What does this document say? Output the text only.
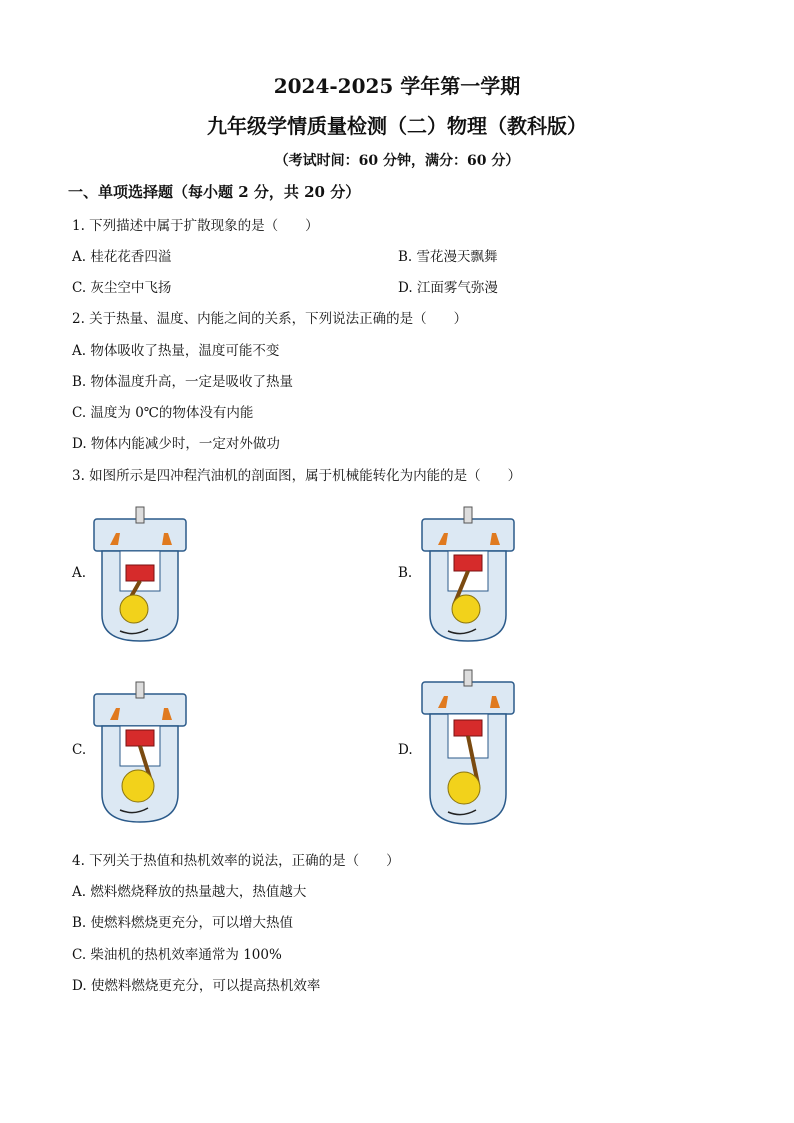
2024-2025 学年第一学期
九年级学情质量检测（二）物理（教科版）
（考试时间：60 分钟，满分：60 分）
一、单项选择题（每小题 2 分，共 20 分）
1. 下列描述中属于扩散现象的是（　　）
A. 桂花花香四溢	B. 雪花漫天飘舞
C. 灰尘空中飞扬	D. 江面雾气弥漫
2. 关于热量、温度、内能之间的关系，下列说法正确的是（　　）
A. 物体吸收了热量，温度可能不变
B. 物体温度升高，一定是吸收了热量
C. 温度为 0℃的物体没有内能
D. 物体内能减少时，一定对外做功
3. 如图所示是四冲程汽油机的剖面图，属于机械能转化为内能的是（　　）
A.	B.
C.	D.
4. 下列关于热值和热机效率的说法，正确的是（　　）
A. 燃料燃烧释放的热量越大，热值越大
B. 使燃料燃烧更充分，可以增大热值
C. 柴油机的热机效率通常为 100%
D. 使燃料燃烧更充分，可以提高热机效率
